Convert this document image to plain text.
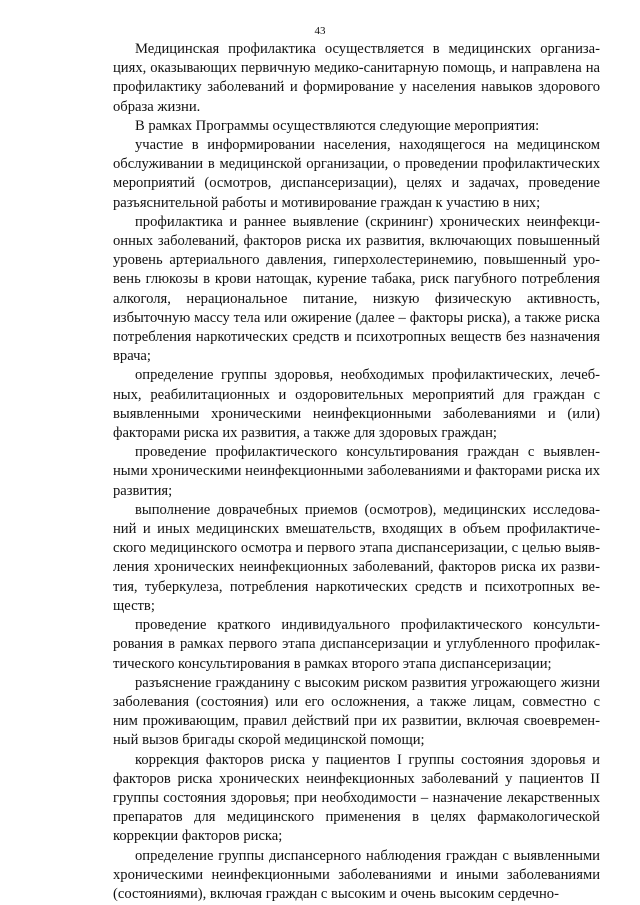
43

Медицинская профилактика осуществляется в медицинских организациях, оказывающих первичную медико-санитарную помощь, и направлена на профилактику заболеваний и формирование у населения навыков здорового образа жизни.

В рамках Программы осуществляются следующие мероприятия:

участие в информировании населения, находящегося на медицинском обслуживании в медицинской организации, о проведении профилактических мероприятий (осмотров, диспансеризации), целях и задачах, проведение разъяснительной работы и мотивирование граждан к участию в них;

профилактика и раннее выявление (скрининг) хронических неинфекционных заболеваний, факторов риска их развития, включающих повышенный уровень артериального давления, гиперхолестеринемию, повышенный уровень глюкозы в крови натощак, курение табака, риск пагубного потребления алкоголя, нерациональное питание, низкую физическую активность, избыточную массу тела или ожирение (далее – факторы риска), а также риска потребления наркотических средств и психотропных веществ без назначения врача;

определение группы здоровья, необходимых профилактических, лечебных, реабилитационных и оздоровительных мероприятий для граждан с выявленными хроническими неинфекционными заболеваниями и (или) факторами риска их развития, а также для здоровых граждан;

проведение профилактического консультирования граждан с выявленными хроническими неинфекционными заболеваниями и факторами риска их развития;

выполнение доврачебных приемов (осмотров), медицинских исследований и иных медицинских вмешательств, входящих в объем профилактического медицинского осмотра и первого этапа диспансеризации, с целью выявления хронических неинфекционных заболеваний, факторов риска их развития, туберкулеза, потребления наркотических средств и психотропных веществ;

проведение краткого индивидуального профилактического консультирования в рамках первого этапа диспансеризации и углубленного профилактического консультирования в рамках второго этапа диспансеризации;

разъяснение гражданину с высоким риском развития угрожающего жизни заболевания (состояния) или его осложнения, а также лицам, совместно с ним проживающим, правил действий при их развитии, включая своевременный вызов бригады скорой медицинской помощи;

коррекция факторов риска у пациентов I группы состояния здоровья и факторов риска хронических неинфекционных заболеваний у пациентов II группы состояния здоровья; при необходимости – назначение лекарственных препаратов для медицинского применения в целях фармакологической коррекции факторов риска;

определение группы диспансерного наблюдения граждан с выявленными хроническими неинфекционными заболеваниями и иными заболеваниями (состояниями), включая граждан с высоким и очень высоким сердечно-
